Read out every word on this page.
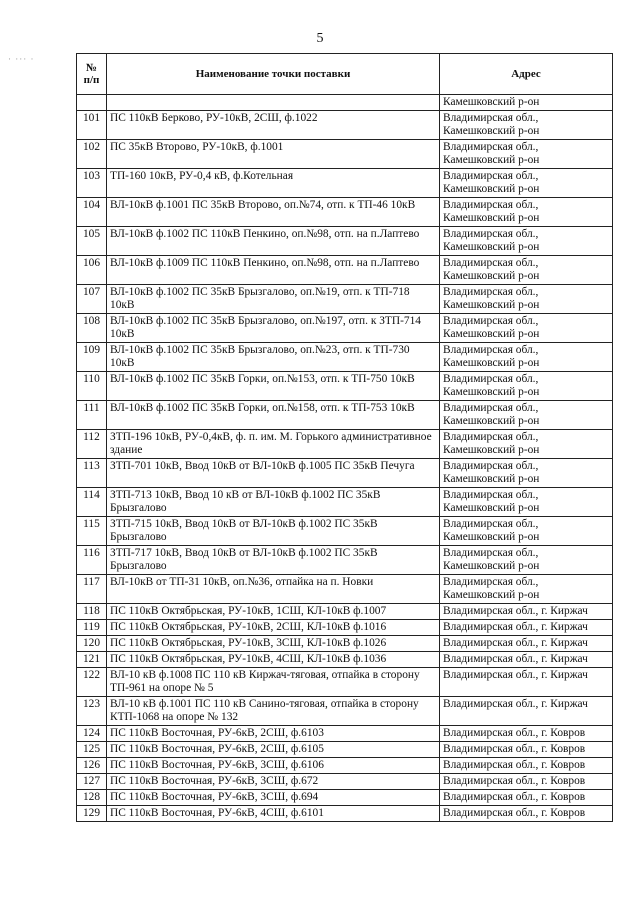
5
· ··· ·
№ п/п	Наименование точки поставки	Адрес
		Камешковский р-он
101	ПС 110кВ Берково, РУ-10кВ, 2СШ, ф.1022	Владимирская обл., Камешковский р-он
102	ПС 35кВ Второво, РУ-10кВ, ф.1001	Владимирская обл., Камешковский р-он
103	ТП-160 10кВ, РУ-0,4 кВ, ф.Котельная	Владимирская обл., Камешковский р-он
104	ВЛ-10кВ ф.1001 ПС 35кВ Второво, оп.№74, отп. к ТП-46 10кВ	Владимирская обл., Камешковский р-он
105	ВЛ-10кВ ф.1002 ПС 110кВ Пенкино, оп.№98, отп. на п.Лаптево	Владимирская обл., Камешковский р-он
106	ВЛ-10кВ ф.1009 ПС 110кВ Пенкино, оп.№98, отп. на п.Лаптево	Владимирская обл., Камешковский р-он
107	ВЛ-10кВ ф.1002 ПС 35кВ Брызгалово, оп.№19, отп. к ТП-718 10кВ	Владимирская обл., Камешковский р-он
108	ВЛ-10кВ ф.1002 ПС 35кВ Брызгалово, оп.№197, отп. к ЗТП-714 10кВ	Владимирская обл., Камешковский р-он
109	ВЛ-10кВ ф.1002 ПС 35кВ Брызгалово, оп.№23, отп. к ТП-730 10кВ	Владимирская обл., Камешковский р-он
110	ВЛ-10кВ ф.1002 ПС 35кВ Горки, оп.№153, отп. к ТП-750 10кВ	Владимирская обл., Камешковский р-он
111	ВЛ-10кВ ф.1002 ПС 35кВ Горки, оп.№158, отп. к ТП-753 10кВ	Владимирская обл., Камешковский р-он
112	ЗТП-196 10кВ, РУ-0,4кВ, ф. п. им. М. Горького административное здание	Владимирская обл., Камешковский р-он
113	ЗТП-701 10кВ, Ввод 10кВ от ВЛ-10кВ ф.1005 ПС 35кВ Печуга	Владимирская обл., Камешковский р-он
114	ЗТП-713 10кВ, Ввод 10 кВ от ВЛ-10кВ ф.1002 ПС 35кВ Брызгалово	Владимирская обл., Камешковский р-он
115	ЗТП-715 10кВ, Ввод 10кВ от ВЛ-10кВ ф.1002 ПС 35кВ Брызгалово	Владимирская обл., Камешковский р-он
116	ЗТП-717 10кВ, Ввод 10кВ от ВЛ-10кВ ф.1002 ПС 35кВ Брызгалово	Владимирская обл., Камешковский р-он
117	ВЛ-10кВ от ТП-31 10кВ, оп.№36, отпайка на п. Новки	Владимирская обл., Камешковский р-он
118	ПС 110кВ Октябрьская, РУ-10кВ, 1СШ, КЛ-10кВ ф.1007	Владимирская обл., г. Киржач
119	ПС 110кВ Октябрьская, РУ-10кВ, 2СШ, КЛ-10кВ ф.1016	Владимирская обл., г. Киржач
120	ПС 110кВ Октябрьская, РУ-10кВ, 3СШ, КЛ-10кВ ф.1026	Владимирская обл., г. Киржач
121	ПС 110кВ Октябрьская, РУ-10кВ, 4СШ, КЛ-10кВ ф.1036	Владимирская обл., г. Киржач
122	ВЛ-10 кВ ф.1008 ПС 110 кВ Киржач-тяговая, отпайка в сторону ТП-961 на опоре № 5	Владимирская обл., г. Киржач
123	ВЛ-10 кВ ф.1001 ПС 110 кВ Санино-тяговая, отпайка в сторону КТП-1068 на опоре № 132	Владимирская обл., г. Киржач
124	ПС 110кВ Восточная, РУ-6кВ, 2СШ, ф.6103	Владимирская обл., г. Ковров
125	ПС 110кВ Восточная, РУ-6кВ, 2СШ, ф.6105	Владимирская обл., г. Ковров
126	ПС 110кВ Восточная, РУ-6кВ, 3СШ, ф.6106	Владимирская обл., г. Ковров
127	ПС 110кВ Восточная, РУ-6кВ, 3СШ, ф.672	Владимирская обл., г. Ковров
128	ПС 110кВ Восточная, РУ-6кВ, 3СШ, ф.694	Владимирская обл., г. Ковров
129	ПС 110кВ Восточная, РУ-6кВ, 4СШ, ф.6101	Владимирская обл., г. Ковров
